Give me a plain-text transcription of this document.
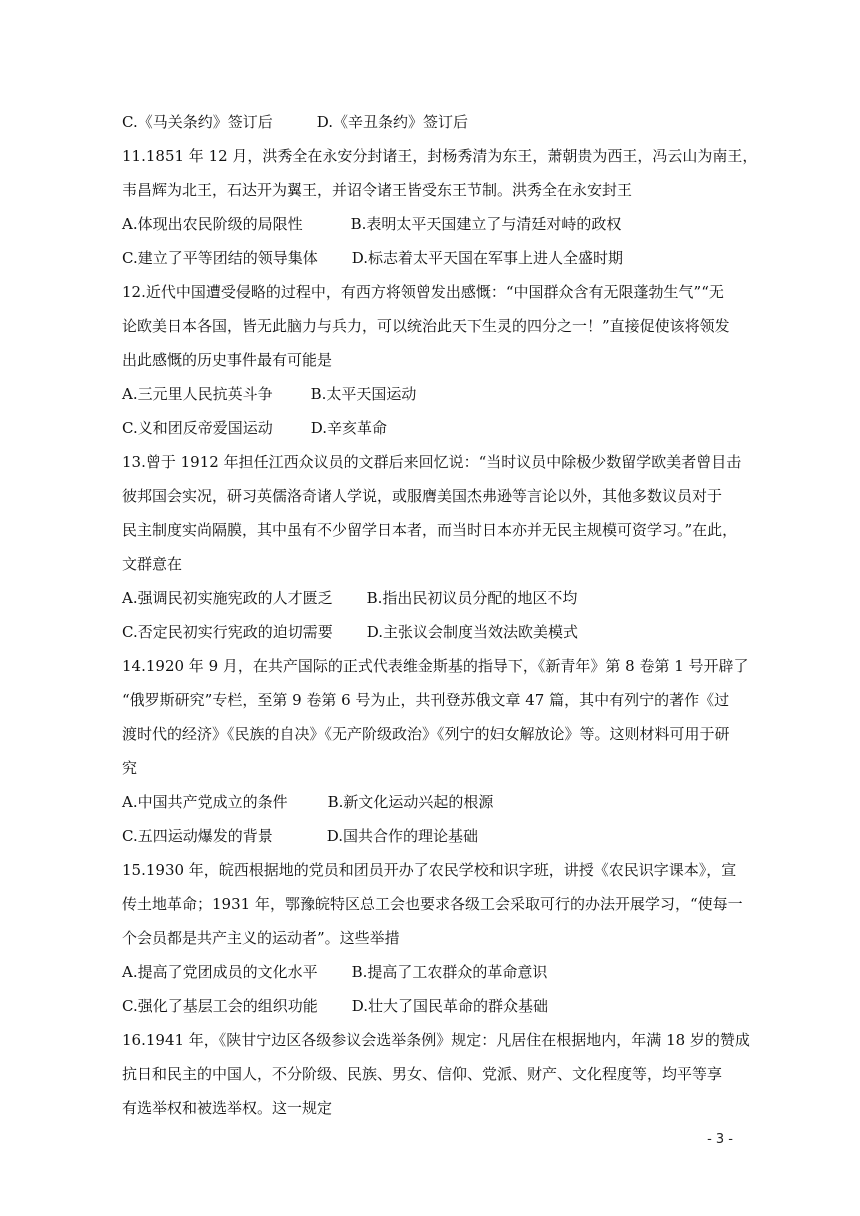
C.《马关条约》签订后	D.《辛丑条约》签订后
11.1851 年 12 月，洪秀全在永安分封诸王，封杨秀清为东王，萧朝贵为西王，冯云山为南王，
韦昌辉为北王，石达开为翼王，并诏令诸王皆受东王节制。洪秀全在永安封王
A.体现出农民阶级的局限性	B.表明太平天国建立了与清廷对峙的政权
C.建立了平等团结的领导集体 D.标志着太平天国在军事上进人全盛时期
12.近代中国遭受侵略的过程中，有西方将领曾发出感慨：“中国群众含有无限蓬勃生气”“无
论欧美日本各国，皆无此脑力与兵力，可以统治此天下生灵的四分之一！”直接促使该将领发
出此感慨的历史事件最有可能是
A.三元里人民抗英斗争	B.太平天国运动
C.义和团反帝爱国运动	D.辛亥革命
13.曾于 1912 年担任江西众议员的文群后来回忆说：“当时议员中除极少数留学欧美者曾目击
彼邦国会实况，研习英儒洛奇诸人学说，或服膺美国杰弗逊等言论以外，其他多数议员对于
民主制度实尚隔膜，其中虽有不少留学日本者，而当时日本亦并无民主规模可资学习。”在此，
文群意在
A.强调民初实施宪政的人才匮乏 B.指出民初议员分配的地区不均
C.否定民初实行宪政的迫切需要 D.主张议会制度当效法欧美模式
14.1920 年 9 月，在共产国际的正式代表维金斯基的指导下，《新青年》第 8 卷第 1 号开辟了
“俄罗斯研究”专栏，至第 9 卷第 6 号为止，共刊登苏俄文章 47 篇，其中有列宁的著作《过
渡时代的经济》《民族的自决》《无产阶级政治》《列宁的妇女解放论》等。这则材料可用于研
究
A.中国共产党成立的条件	B.新文化运动兴起的根源
C.五四运动爆发的背景	D.国共合作的理论基础
15.1930 年，皖西根据地的党员和团员开办了农民学校和识字班，讲授《农民识字课本》，宣
传土地革命；1931 年，鄂豫皖特区总工会也要求各级工会采取可行的办法开展学习，“使每一
个会员都是共产主义的运动者”。这些举措
A.提高了党团成员的文化水平 B.提高了工农群众的革命意识
C.强化了基层工会的组织功能 D.壮大了国民革命的群众基础
16.1941 年，《陕甘宁边区各级参议会选举条例》规定：凡居住在根据地内，年满 18 岁的赞成
抗日和民主的中国人，不分阶级、民族、男女、信仰、党派、财产、文化程度等，均平等享
有选举权和被选举权。这一规定
- 3 -
